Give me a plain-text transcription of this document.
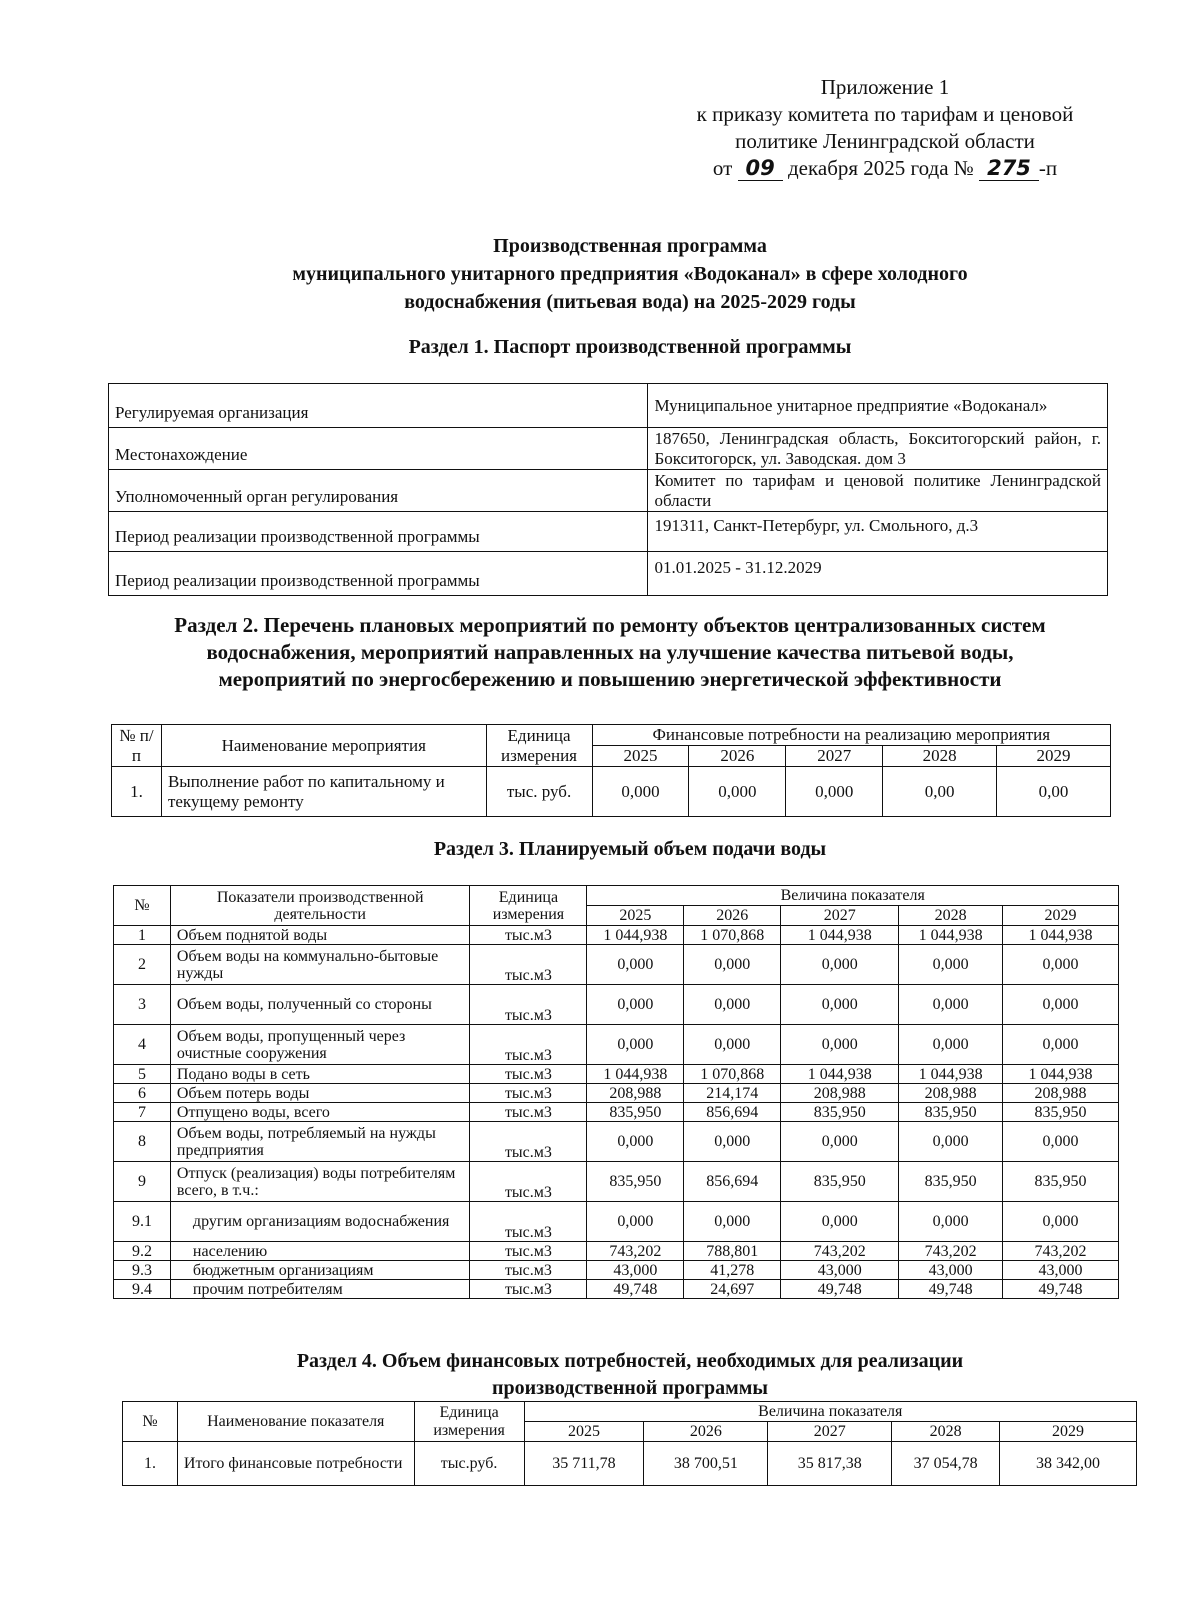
Приложение 1
к приказу комитета по тарифам и ценовой
политике Ленинградской области
от 09 декабря 2025 года № 275 -п
Производственная программа
муниципального унитарного предприятия «Водоканал» в сфере холодного
водоснабжения (питьевая вода) на 2025-2029 годы
Раздел 1. Паспорт производственной программы
Регулируемая организация	Муниципальное унитарное предприятие «Водоканал»
Местонахождение	187650, Ленинградская область, Бокситогорский район, г. Бокситогорск, ул. Заводская. дом 3
Уполномоченный орган регулирования	Комитет по тарифам и ценовой политике Ленинградской области
Период реализации производственной программы	191311, Санкт-Петербург, ул. Смольного, д.3
Период реализации производственной программы	01.01.2025 - 31.12.2029
Раздел 2. Перечень плановых мероприятий по ремонту объектов централизованных систем
водоснабжения, мероприятий направленных на улучшение качества питьевой воды,
мероприятий по энергосбережению и повышению энергетической эффективности
№ п/п	Наименование мероприятия	Единица измерения	Финансовые потребности на реализацию мероприятия				
			2025	2026	2027	2028	2029
1.	Выполнение работ по капитальному и текущему ремонту	тыс. руб.	0,000	0,000	0,000	0,00	0,00
Раздел 3. Планируемый объем подачи воды
№	Показатели производственной деятельности	Единица измерения	Величина показателя				
			2025	2026	2027	2028	2029
1	Объем поднятой воды	тыс.м3	1 044,938	1 070,868	1 044,938	1 044,938	1 044,938
2	Объем воды на коммунально-бытовые нужды	тыс.м3	0,000	0,000	0,000	0,000	0,000
3	Объем воды, полученный со стороны	тыс.м3	0,000	0,000	0,000	0,000	0,000
4	Объем воды, пропущенный через очистные сооружения	тыс.м3	0,000	0,000	0,000	0,000	0,000
5	Подано воды в сеть	тыс.м3	1 044,938	1 070,868	1 044,938	1 044,938	1 044,938
6	Объем потерь воды	тыс.м3	208,988	214,174	208,988	208,988	208,988
7	Отпущено воды, всего	тыс.м3	835,950	856,694	835,950	835,950	835,950
8	Объем воды, потребляемый на нужды предприятия	тыс.м3	0,000	0,000	0,000	0,000	0,000
9	Отпуск (реализация) воды потребителям всего, в т.ч.:	тыс.м3	835,950	856,694	835,950	835,950	835,950
9.1	другим организациям водоснабжения	тыс.м3	0,000	0,000	0,000	0,000	0,000
9.2	населению	тыс.м3	743,202	788,801	743,202	743,202	743,202
9.3	бюджетным организациям	тыс.м3	43,000	41,278	43,000	43,000	43,000
9.4	прочим потребителям	тыс.м3	49,748	24,697	49,748	49,748	49,748
Раздел 4. Объем финансовых потребностей, необходимых для реализации
производственной программы
№	Наименование показателя	Единица измерения	Величина показателя				
			2025	2026	2027	2028	2029
1.	Итого финансовые потребности	тыс.руб.	35 711,78	38 700,51	35 817,38	37 054,78	38 342,00
